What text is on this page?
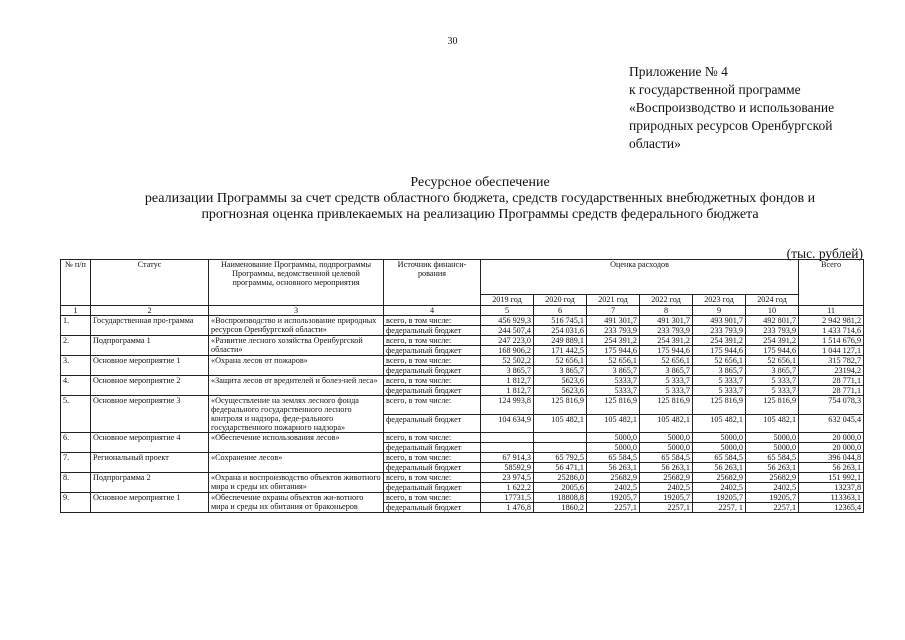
30
Приложение № 4
к государственной программе
«Воспроизводство и использование
природных ресурсов Оренбургской
области»
Ресурсное обеспечение
реализации Программы за счет средств областного бюджета, средств государственных внебюджетных фондов и
прогнозная оценка привлекаемых на реализацию Программы средств федерального бюджета
(тыс. рублей)
№ п/п	Статус	Наименование Программы, подпрограммы Программы, ведомственной целевой программы, основного мероприятия	Источник финанси-рования	Оценка расходов						Всего
				2019 год	2020 год	2021 год	2022 год	2023 год	2024 год	
1	2	3	4	5	6	7	8	9	10	11
1.	Государственная про-грамма	«Воспроизводство и использование природных ресурсов Оренбургской области»	всего, в том числе:	456 929,3	516 745,1	491 301,7	491 301,7	493 901,7	492 801,7	2 942 981,2
			федеральный бюджет	244 507,4	254 031,6	233 793,9	233 793,9	233 793,9	233 793,9	1 433 714,6
2.	Подпрограмма 1	«Развитие лесного хозяйства Оренбургской области»	всего, в том числе:	247 223,0	249 889,1	254 391,2	254 391,2	254 391,2	254 391,2	1 514 676,9
			федеральный бюджет	168 906,2	171 442,5	175 944,6	175 944,6	175 944,6	175 944,6	1 044 127,1
3.	Основное мероприятие 1	«Охрана лесов от пожаров»	всего, в том числе:	52 502,2	52 656,1	52 656,1	52 656,1	52 656,1	52 656,1	315 782,7
			федеральный бюджет	3 865,7	3 865,7	3 865,7	3 865,7	3 865,7	3 865,7	23194,2
4.	Основное мероприятие 2	«Защита лесов от вредителей и болез-ней леса»	всего, в том числе:	1 812,7	5623,6	5333,7	5 333,7	5 333,7	5 333,7	28 771,1
			федеральный бюджет	1 812,7	5623,6	5333,7	5 333,7	5 333,7	5 333,7	28 771,1
5.	Основное мероприятие 3	«Осуществление на землях лесного фонда федерального государственного лесного контроля и надзора, феде-рального государственного пожарного надзора»	всего, в том числе:	124 993,8	125 816,9	125 816,9	125 816,9	125 816,9	125 816,9	754 078,3
			федеральный бюджет	104 634,9	105 482,1	105 482,1	105 482,1	105 482,1	105 482,1	632 045,4
6.	Основное мероприятие 4	«Обеспечение использования лесов»	всего, в том числе:			5000,0	5000,0	5000,0	5000,0	20 000,0
			федеральный бюджет			5000,0	5000,0	5000,0	5000,0	20 000,0
7.	Региональный проект	«Сохранение лесов»	всего, в том числе:	67 914,3	65 792,5	65 584,5	65 584,5	65 584,5	65 584,5	396 044,8
			федеральный бюджет	58592,9	56 471,1	56 263,1	56 263,1	56 263,1	56 263,1	56 263,1
8.	Подпрограмма 2	«Охрана и воспроизводство объектов животного мира и среды их обитания»	всего, в том числе:	23 974,5	25286,0	25682,9	25682,9	25682,9	25682,9	151 992,1
			федеральный бюджет	1 622,2	2005,6	2402,5	2402,5	2402,5	2402,5	13237,8
9.	Основное мероприятие 1	«Обеспечение охраны объектов жи-вотного мира и среды их обитания от браконьеров	всего, в том числе:	17731,5	18808,8	19205,7	19205,7	19205,7	19205,7	113363,1
			федеральный бюджет	1 476,8	1860,2	2257,1	2257,1	2257, 1	2257,1	12365,4
